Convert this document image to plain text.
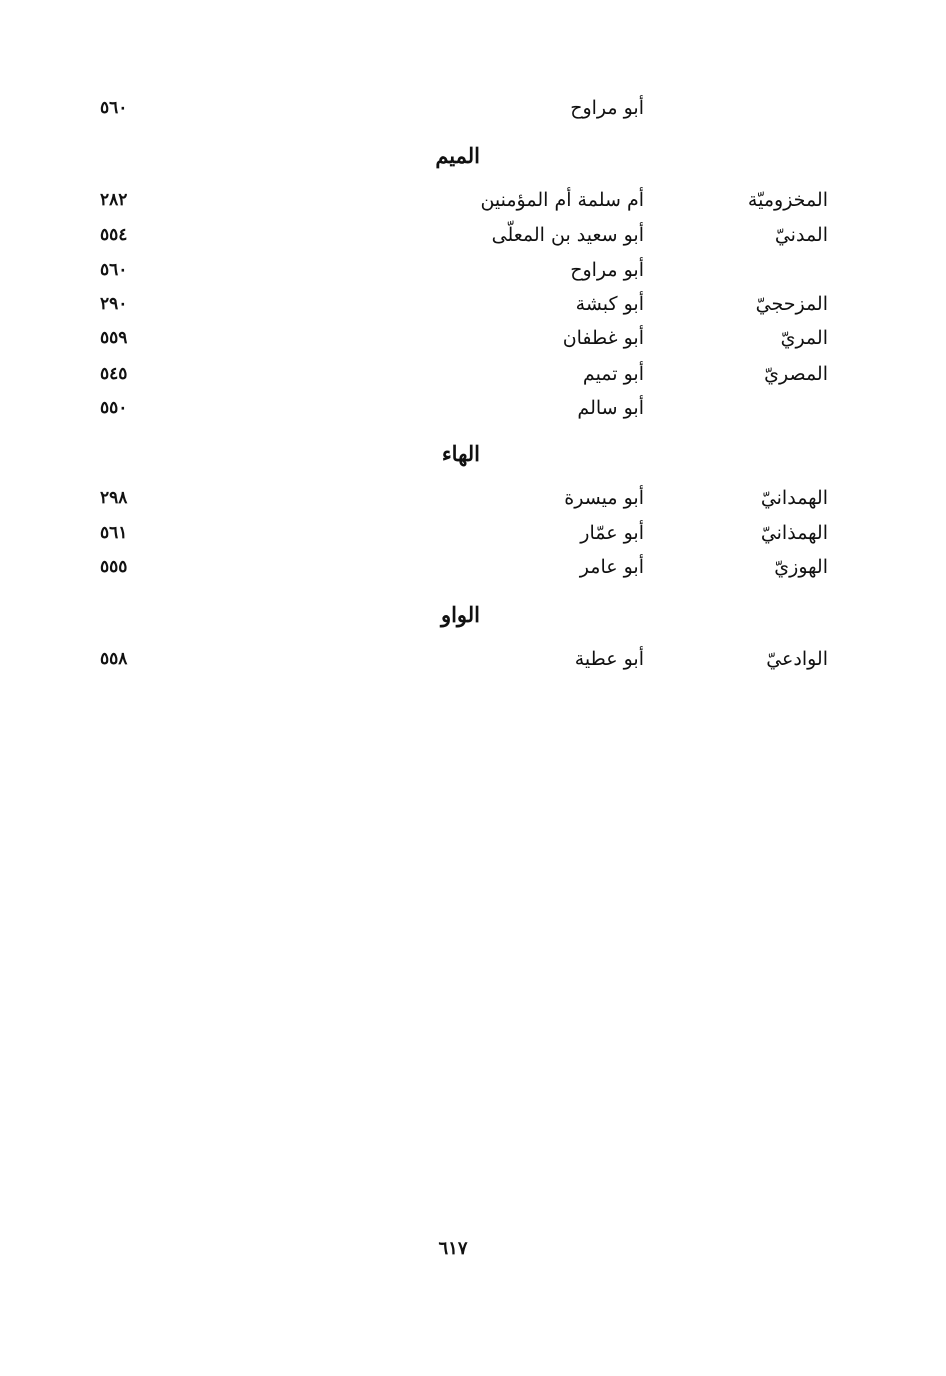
أبو مراوح
٥٦٠
الميم
المخزوميّة
أم سلمة أم المؤمنين
٢٨٢
المدنيّ
أبو سعيد بن المعلّى
٥٥٤
أبو مراوح
٥٦٠
المزحجيّ
أبو كبشة
٢٩٠
المريّ
أبو غطفان
٥٥٩
المصريّ
أبو تميم
٥٤٥
أبو سالم
٥٥٠
الهاء
الهمدانيّ
أبو ميسرة
٢٩٨
الهمذانيّ
أبو عمّار
٥٦١
الهوزيّ
أبو عامر
٥٥٥
الواو
الوادعيّ
أبو عطية
٥٥٨
٦١٧
